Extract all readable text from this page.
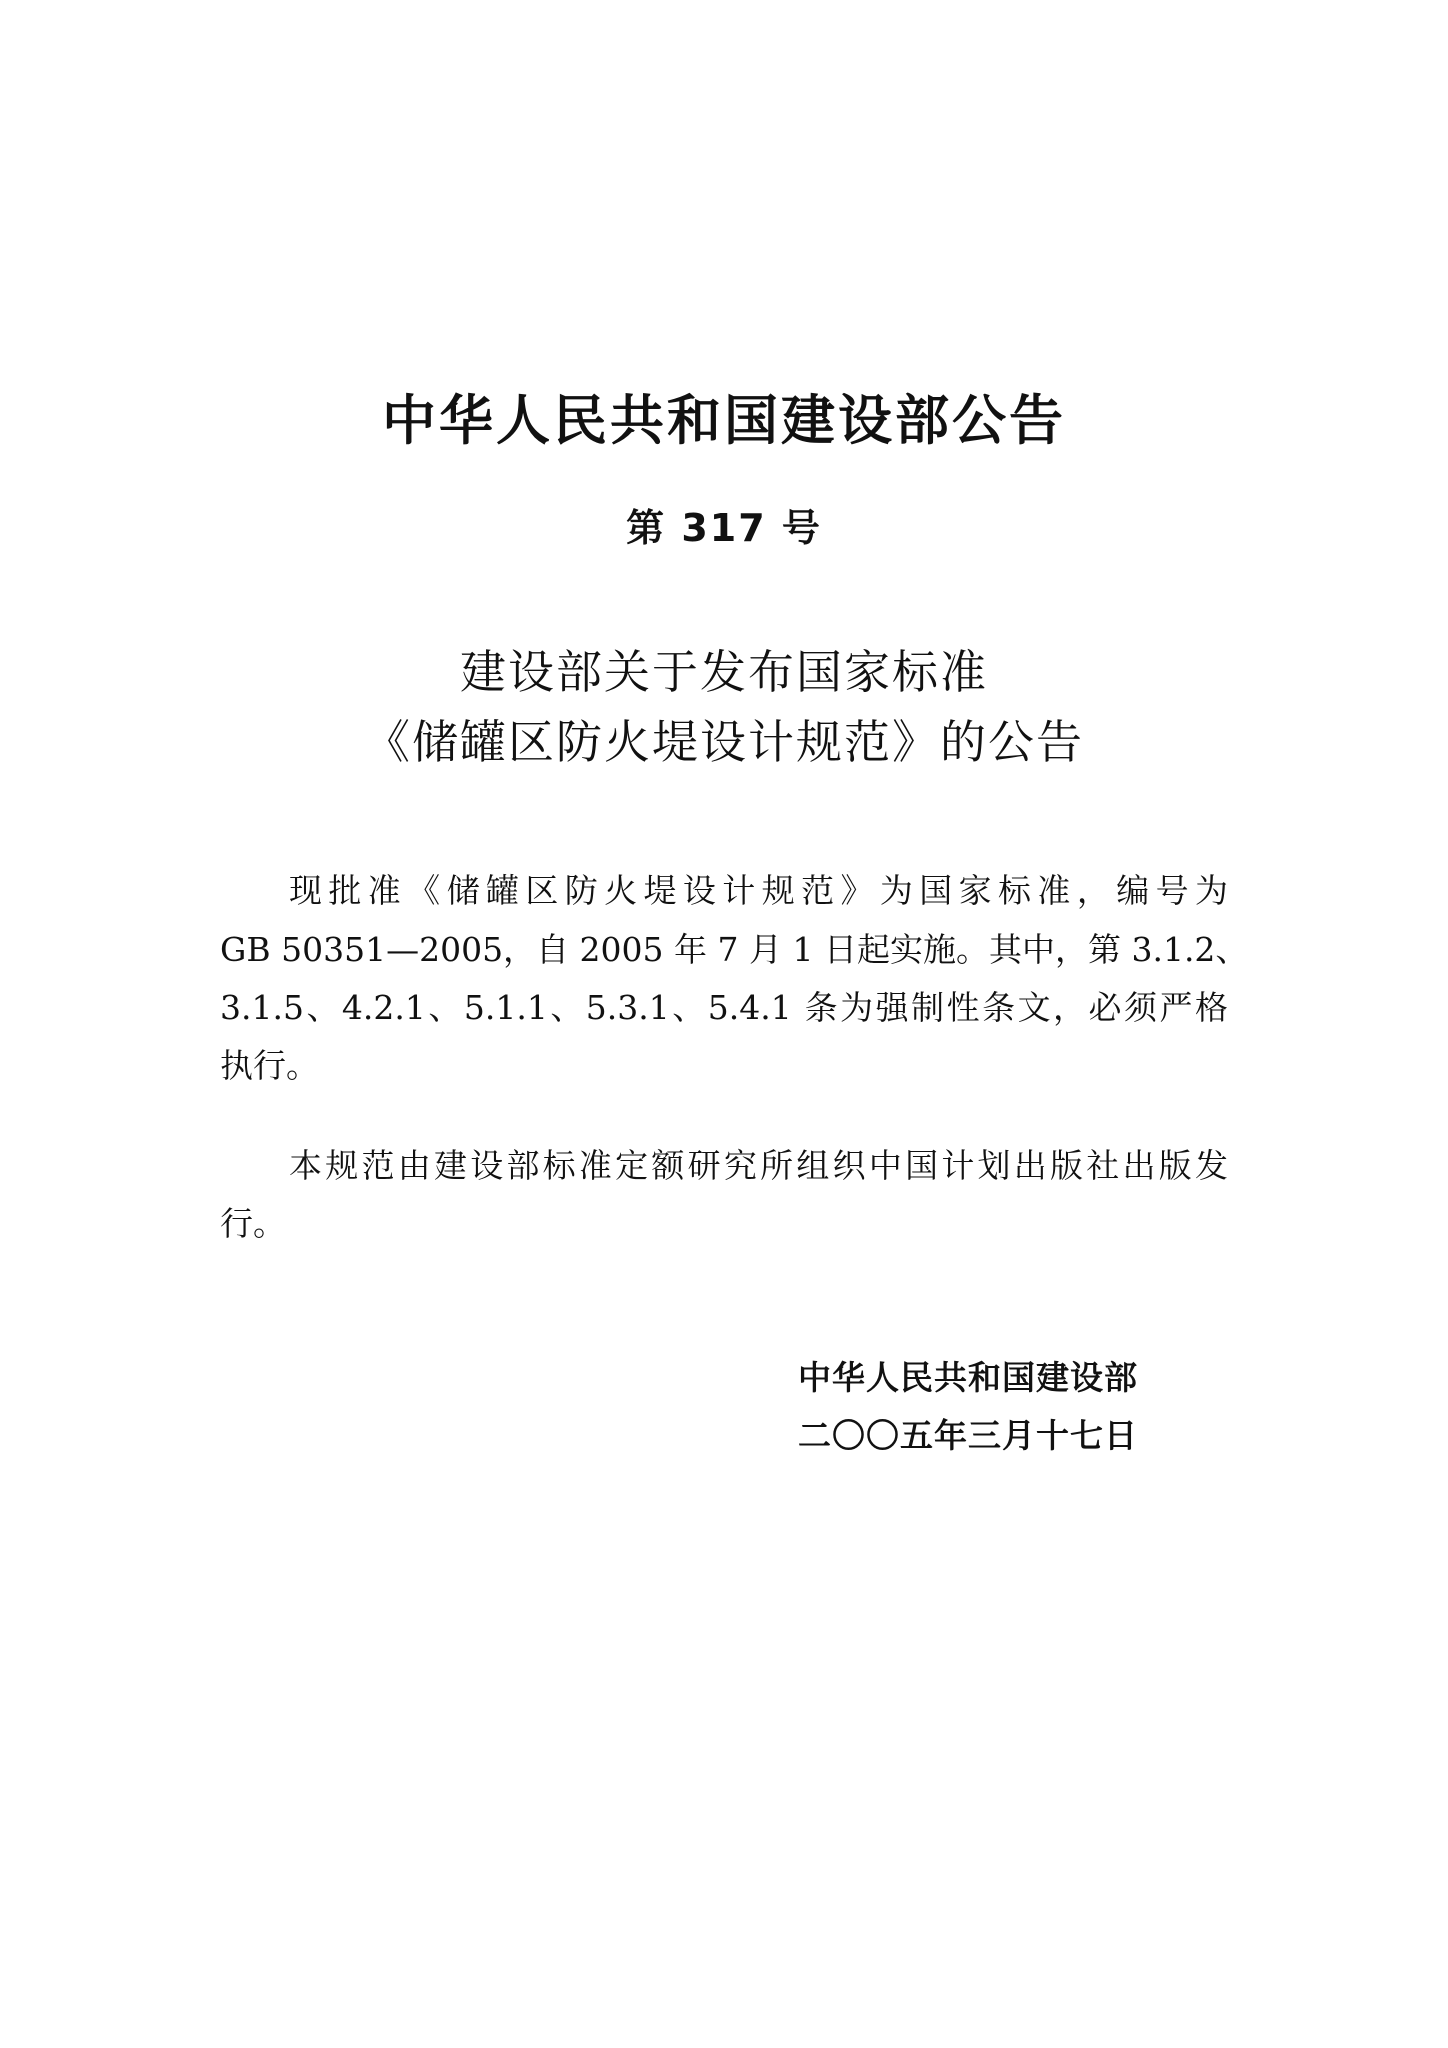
中华人民共和国建设部公告
第 317 号
建设部关于发布国家标准
《储罐区防火堤设计规范》的公告
现批准《储罐区防火堤设计规范》为国家标准，编号为
GB 50351—2005，自 2005 年 7 月 1 日起实施。其中，第 3.1.2、
3.1.5、4.2.1、5.1.1、5.3.1、5.4.1 条为强制性条文，必须严格
执行。
本规范由建设部标准定额研究所组织中国计划出版社出版发
行。
中华人民共和国建设部
二〇〇五年三月十七日
